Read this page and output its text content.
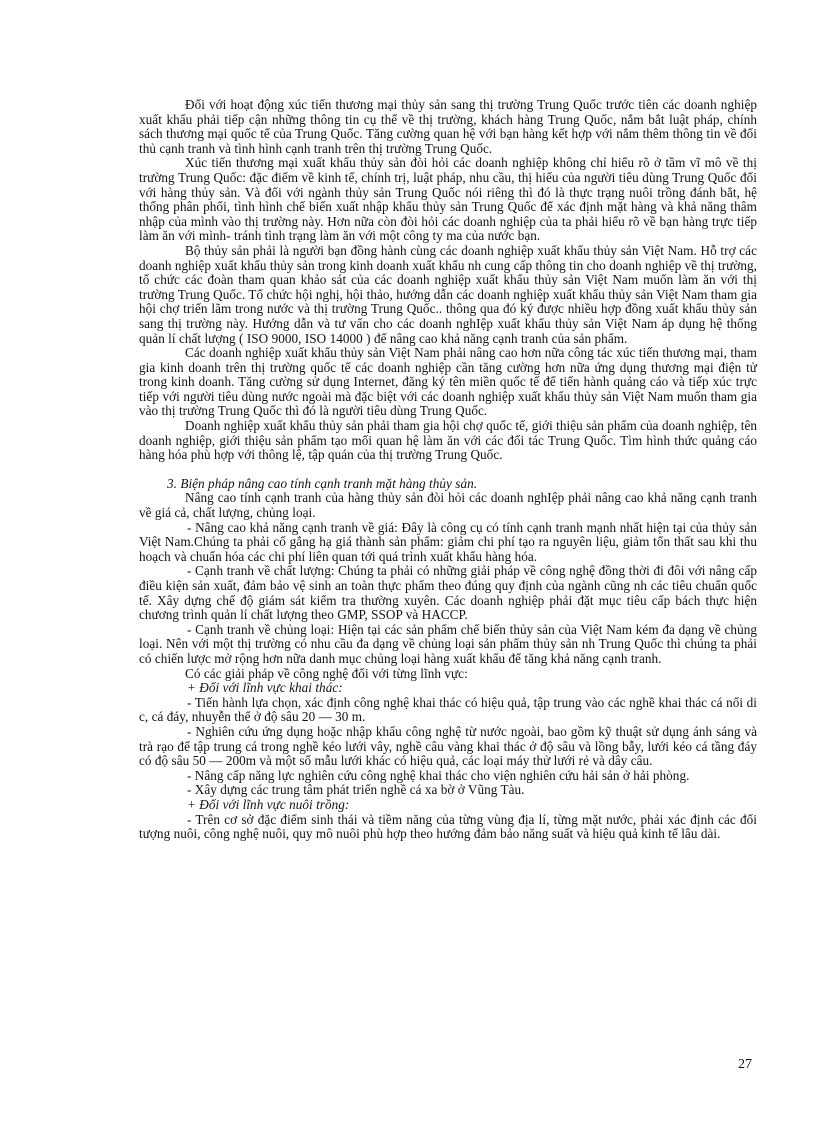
Đối với hoạt động xúc tiến thương mại thủy sản sang thị trường Trung Quốc trước tiên các doanh nghiệp xuất khẩu phải tiếp cận những thông tin cụ thể về thị trường, khách hàng Trung Quốc, nắm bắt luật pháp, chính sách thương mại quốc tế của Trung Quốc. Tăng cường quan hệ với bạn hàng kết hợp với nắm thêm thông tin về đối thủ cạnh tranh và tình hình cạnh tranh trên thị trường Trung Quốc.

Xúc tiến thương mại xuất khẩu thủy sản đòi hỏi các doanh nghiệp không chỉ hiểu rõ ở tầm vĩ mô về thị trường Trung Quốc: đặc điểm về kinh tế, chính trị, luật pháp, nhu cầu, thị hiếu của người tiêu dùng Trung Quốc đối với hàng thủy sản. Và đối với ngành thủy sản Trung Quốc nói riêng thì đó là thực trạng nuôi trồng đánh bắt, hệ thống phân phối, tình hình chế biến xuất nhập khẩu thủy sản Trung Quốc để xác định mặt hàng và khả năng thâm nhập của mình vào thị trường này. Hơn nữa còn đòi hỏi các doanh nghiệp của ta phải hiểu rõ về bạn hàng trực tiếp làm ăn với mình- tránh tình trạng làm ăn với một công ty ma của nước bạn.

Bộ thủy sản phải là người bạn đồng hành cùng các doanh nghiệp xuất khẩu thủy sản Việt Nam. Hỗ trợ các doanh nghiệp xuất khẩu thủy sản trong kinh doanh xuất khẩu nh cung cấp thông tin cho doanh nghiệp về thị trường, tổ chức các đoàn tham quan khảo sát của các doanh nghiệp xuất khẩu thủy sản Việt Nam muốn làm ăn với thị trường Trung Quốc. Tổ chức hội nghị, hội thảo, hướng dẫn các doanh nghiệp xuất khẩu thủy sản Việt Nam tham gia hội chợ triển lãm trong nước và thị trường Trung Quốc.. thông qua đó ký được nhiều hợp đồng xuất khẩu thủy sản sang thị trường này. Hướng dẫn và tư vấn cho các doanh nghIệp xuất khẩu thủy sản Việt Nam áp dụng hệ thống quản lí chất lượng ( ISO 9000, ISO 14000 ) để nâng cao khả năng cạnh tranh của sản phẩm.

Các doanh nghiệp xuất khẩu thủy sản Việt Nam phải nâng cao hơn nữa công tác xúc tiến thương mại, tham gia kinh doanh trên thị trường quốc tế các doanh nghiệp cần tăng cường hơn nữa ứng dụng thương mại điện tử trong kinh doanh. Tăng cường sử dụng Internet, đăng ký tên miền quốc tế để tiến hành quảng cáo và tiếp xúc trực tiếp với người tiêu dùng nước ngoài mà đặc biệt với các doanh nghiệp xuất khẩu thủy sản Việt Nam muốn tham gia vào thị trường Trung Quốc thì đó là người tiêu dùng Trung Quốc.

Doanh nghiệp xuất khẩu thủy sản phải tham gia hội chợ quốc tế, giới thiệu sản phẩm của doanh nghiệp, tên doanh nghiệp, giới thiệu sản phẩm tạo mối quan hệ làm ăn với các đối tác Trung Quốc. Tìm hình thức quảng cáo hàng hóa phù hợp với thông lệ, tập quán của thị trường Trung Quốc.

3. Biện pháp nâng cao tính cạnh tranh mặt hàng thủy sản.

Nâng cao tính cạnh tranh của hàng thủy sản đòi hỏi các doanh nghIệp phải nâng cao khả năng cạnh tranh về giá cả, chất lượng, chủng loại.

- Nâng cao khả năng cạnh tranh về giá: Đây là công cụ có tính cạnh tranh mạnh nhất hiện tại của thủy sản Việt Nam.Chúng ta phải cố gắng hạ giá thành sản phẩm: giảm chi phí tạo ra nguyên liệu, giảm tổn thất sau khi thu hoạch và chuẩn hóa các chi phí liên quan tới quá trình xuất khẩu hàng hóa.

- Cạnh tranh về chất lượng: Chúng ta phải có những giải pháp về công nghệ đồng thời đi đôi với nâng cấp điều kiện sản xuất, đảm bảo vệ sinh an toàn thực phẩm theo đúng quy định của ngành cũng nh các tiêu chuẩn quốc tế. Xây dựng chế độ giám sát kiểm tra thường xuyên. Các doanh nghiệp phải đặt mục tiêu cấp bách thực hiện chương trình quản lí chất lượng theo GMP, SSOP và HACCP.

- Cạnh tranh về chủng loại: Hiện tại các sản phẩm chế biến thủy sản của Việt Nam kém đa dạng về chủng loại. Nên với một thị trường có nhu cầu đa dạng về chủng loại sản phẩm thủy sản nh Trung Quốc thì chúng ta phải có chiến lược mở rộng hơn nữa danh mục chủng loại hàng xuất khẩu để tăng khả năng cạnh tranh.

Có các giải pháp về công nghệ đối với từng lĩnh vực:

+ Đối với lĩnh vực khai thác:

- Tiến hành lựa chọn, xác định công nghệ khai thác có hiệu quả, tập trung vào các nghề khai thác cá nổi di c, cá đáy, nhuyễn thể ở độ sâu 20 — 30 m.

- Nghiên cứu ứng dụng hoặc nhập khẩu công nghệ từ nước ngoài, bao gồm kỹ thuật sử dụng ánh sáng và trà rạo để tập trung cá trong nghề kéo lưới vây, nghề câu vàng khai thác ở độ sâu và lồng bẫy, lưới kéo cá tầng đáy có độ sâu 50 — 200m và một số mẫu lưới khác có hiệu quả, các loại máy thử lưới rẻ và dây câu.

- Nâng cấp năng lực nghiên cứu công nghệ khai thác cho viện nghiên cứu hải sản ở hải phòng.

- Xây dựng các trung tâm phát triển nghề cá xa bờ ở Vũng Tàu.

+ Đối với lĩnh vực nuôi trồng:

- Trên cơ sở đặc điểm sinh thái và tiềm năng của từng vùng địa lí, từng mặt nước, phải xác định các đối tượng nuôi, công nghệ nuôi, quy mô nuôi phù hợp theo hướng đảm bảo năng suất và hiệu quả kinh tế lâu dài.

27
